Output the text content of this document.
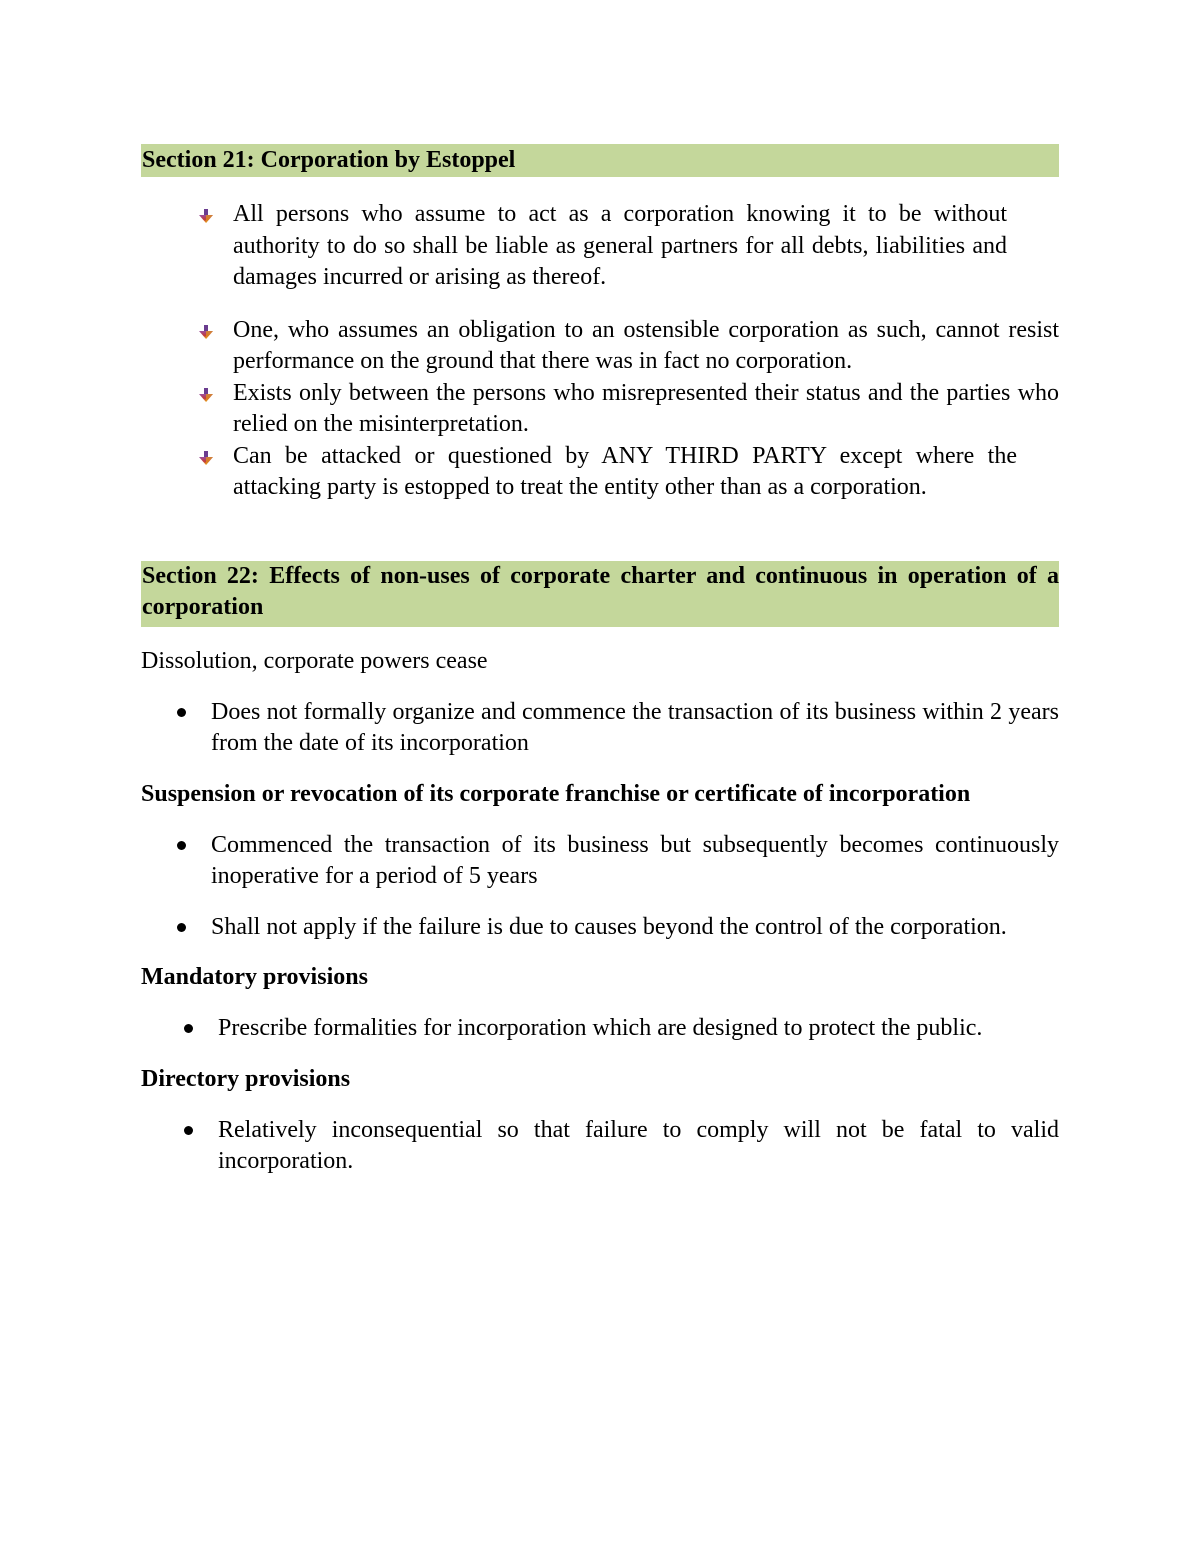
Section 21: Corporation by Estoppel
All persons who assume to act as a corporation knowing it to be without authority to do so shall be liable as general partners for all debts, liabilities and damages incurred or arising as thereof.
One, who assumes an obligation to an ostensible corporation as such, cannot resist performance on the ground that there was in fact no corporation.
Exists only between the persons who misrepresented their status and the parties who relied on the misinterpretation.
Can be attacked or questioned by ANY THIRD PARTY except where the attacking party is estopped to treat the entity other than as a corporation.
Section 22: Effects of non-uses of corporate charter and continuous in operation of a corporation
Dissolution, corporate powers cease
Does not formally organize and commence the transaction of its business within 2 years from the date of its incorporation
Suspension or revocation of its corporate franchise or certificate of incorporation
Commenced the transaction of its business but subsequently becomes continuously inoperative for a period of 5 years
Shall not apply if the failure is due to causes beyond the control of the corporation.
Mandatory provisions
Prescribe formalities for incorporation which are designed to protect the public.
Directory provisions
Relatively inconsequential so that failure to comply will not be fatal to valid incorporation.
